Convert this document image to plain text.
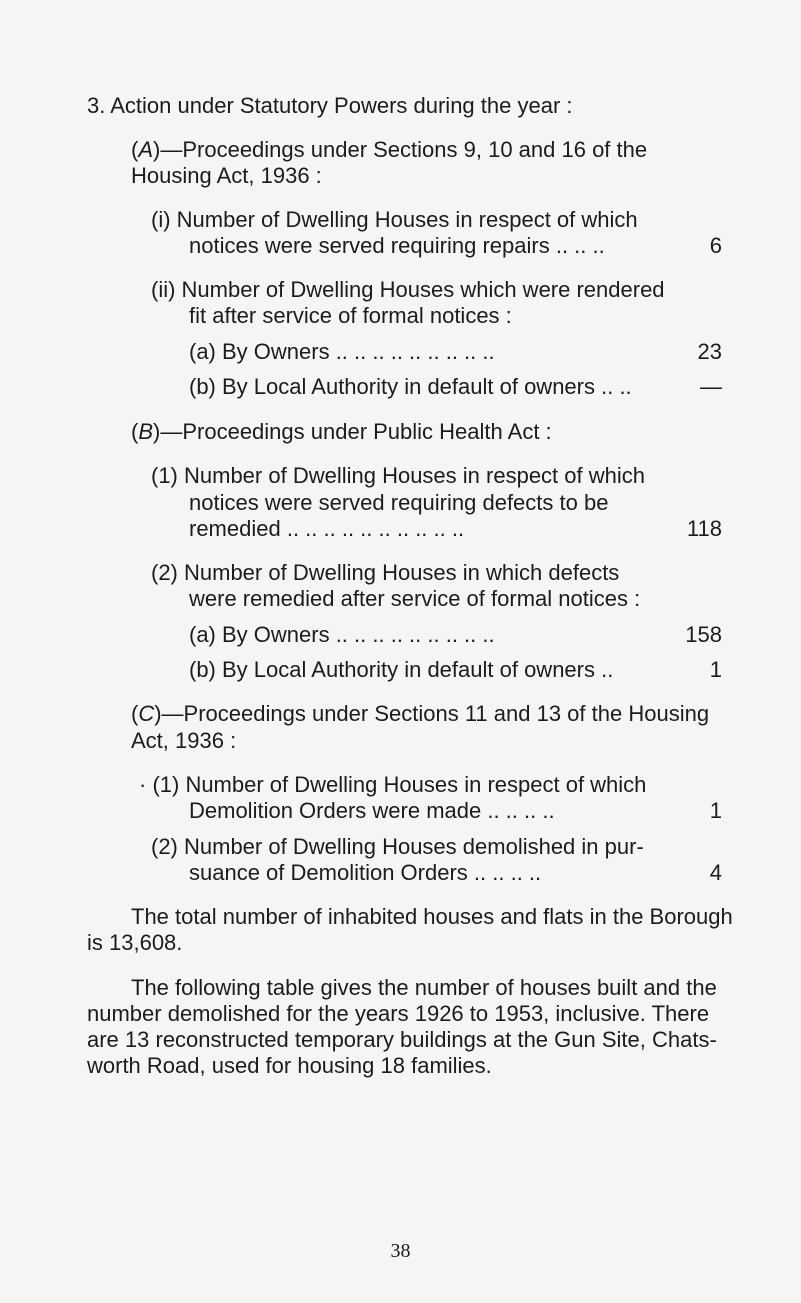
3. Action under Statutory Powers during the year :
(A)—Proceedings under Sections 9, 10 and 16 of the
Housing Act, 1936 :
(i) Number of Dwelling Houses in respect of which
notices were served requiring repairs .. .. ..	6
(ii) Number of Dwelling Houses which were rendered
fit after service of formal notices :
(a) By Owners .. .. .. .. .. .. .. .. ..	23
(b) By Local Authority in default of owners .. ..	—
(B)—Proceedings under Public Health Act :
(1) Number of Dwelling Houses in respect of which
notices were served requiring defects to be
remedied .. .. .. .. .. .. .. .. .. ..	118
(2) Number of Dwelling Houses in which defects
were remedied after service of formal notices :
(a) By Owners .. .. .. .. .. .. .. .. ..	158
(b) By Local Authority in default of owners ..	1
(C)—Proceedings under Sections 11 and 13 of the Housing
Act, 1936 :
· (1) Number of Dwelling Houses in respect of which
Demolition Orders were made .. .. .. ..	1
(2) Number of Dwelling Houses demolished in pur-
suance of Demolition Orders .. .. .. ..	4
The total number of inhabited houses and flats in the Borough
is 13,608.
The following table gives the number of houses built and the
number demolished for the years 1926 to 1953, inclusive. There
are 13 reconstructed temporary buildings at the Gun Site, Chats-
worth Road, used for housing 18 families.
38
